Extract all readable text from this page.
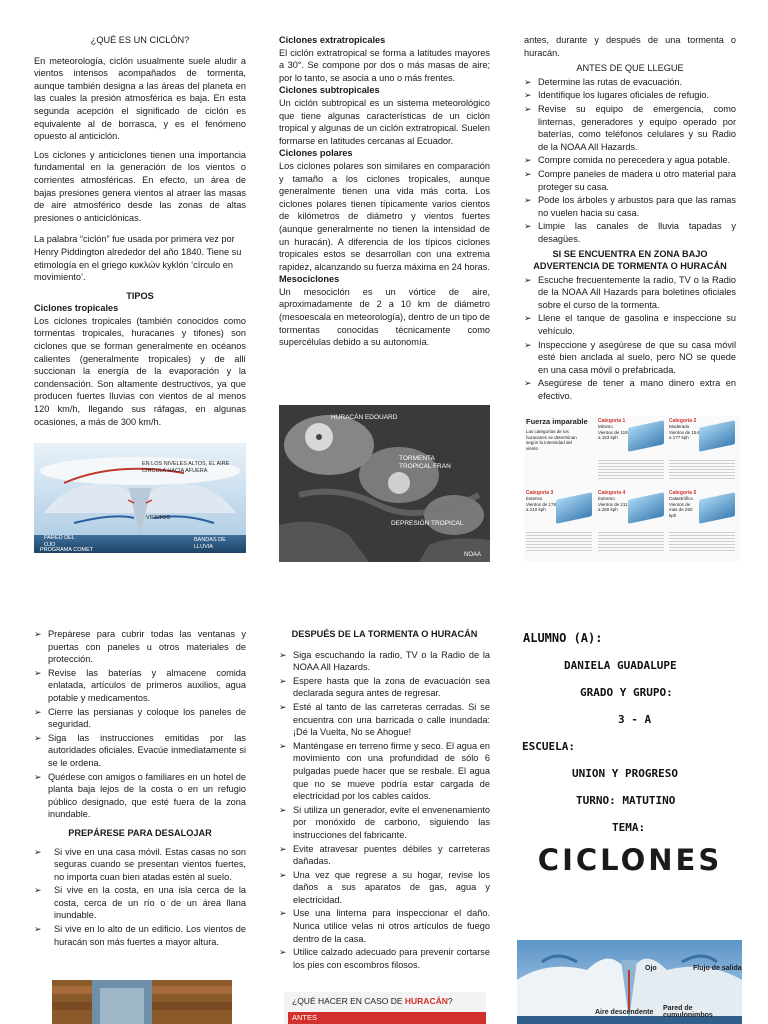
¿QUÉ ES UN CICLÓN?

En meteorología, ciclón usualmente suele aludir a vientos intensos acompañados de tormenta, aunque también designa a las áreas del planeta en las cuales la presión atmosférica es baja. En esta segunda acepción el significado de ciclón es equivalente al de borrasca, y es el fenómeno opuesto al anticiclón.

Los ciclones y anticiclones tienen una importancia fundamental en la generación de los vientos o corrientes atmosféricas. En efecto, un área de bajas presiones genera vientos al atraer las masas de aire atmosférico desde las zonas de altas presiones o anticiclónicas.

La palabra “ciclón” fue usada por primera vez por Henry Piddington alrededor del año 1840. Tiene su etimología en el griego κυκλών kyklón ‘círculo en movimiento’.

TIPOS
Ciclones tropicales

Los ciclones tropicales (también conocidos como tormentas tropicales, huracanes y tifones) son ciclones que se forman generalmente en océanos calientes (generalmente tropicales) y de allí succionan la energía de la evaporación y la condensación. Son altamente destructivos, ya que producen fuertes lluvias con vientos de al menos 120 km/h, llegando sus ráfagas, en algunas ocasiones, a más de 300 km/h.

EN LOS NIVELES ALTOS, EL AIRE CIRCULA HACIA AFUERA
VIENTOS
PARED DEL OJO
BANDAS DE LLUVIA
PROGRAMA COMET
Ciclones extratropicales

El ciclón extratropical se forma a latitudes mayores a 30°. Se compone por dos o más masas de aire; por lo tanto, se asocia a uno o más frentes.

Ciclones subtropicales

Un ciclón subtropical es un sistema meteorológico que tiene algunas características de un ciclón tropical y algunas de un ciclón extratropical. Suelen formarse en latitudes cercanas al Ecuador.

Ciclones polares

Los ciclones polares son similares en comparación y tamaño a los ciclones tropicales, aunque generalmente tienen una vida más corta. Los ciclones polares tienen típicamente varios cientos de kilómetros de diámetro y vientos fuertes (aunque generalmente no tienen la intensidad de un huracán). A diferencia de los típicos ciclones tropicales estos se desarrollan con una extrema rapidez, alcanzando su fuerza máxima en 24 horas.

Mesociclones

Un mesociclón es un vórtice de aire, aproximadamente de 2 a 10 km de diámetro (mesoescala en meteorología), dentro de un tipo de tormentas conocidas técnicamente como supercélulas debido a su autonomía.

HURACÁN EDOUARD
TORMENTA TROPICAL FRAN
DEPRESIÓN TROPICAL
NOAA

antes, durante y después de una tormenta o huracán.

ANTES DE QUE LLEGUE
➢ Determine las rutas de evacuación.
➢ Identifique los lugares oficiales de refugio.
➢ Revise su equipo de emergencia, como linternas, generadores y equipo operado por baterías, como teléfonos celulares y su Radio de la NOAA All Hazards.
➢ Compre comida no perecedera y agua potable.
➢ Compre paneles de madera u otro material para proteger su casa.
➢ Pode los árboles y arbustos para que las ramas no vuelen hacia su casa.
➢ Limpie las canales de lluvia tapadas y desagües.
SI SE ENCUENTRA EN ZONA BAJO ADVERTENCIA DE TORMENTA O HURACÁN
➢ Escuche frecuentemente la radio, TV o la Radio de la NOAA All Hazards para boletines oficiales sobre el curso de la tormenta.
➢ Llene el tanque de gasolina e inspeccione su vehículo.
➢ Inspeccione y asegúrese de que su casa móvil esté bien anclada al suelo, pero NO se quede en una casa móvil o prefabricada.
➢ Asegúrese de tener a mano dinero extra en efectivo.
Fuerza imparable
Las categorías de los huracanes se determinan según la intensidad del viento
Categoría 1
Mínimo
Vientos de 119 a 153 kph
Categoría 2
Moderado
Vientos de 154 a 177 kph
Categoría 3
Extenso
Vientos de 178 a 210 kph
Categoría 4
Extremo
Vientos de 211 a 250 kph
Categoría 5
Catastrófico
Vientos de más de 250 kph
➢ Prepárese para cubrir todas las ventanas y puertas con paneles u otros materiales de protección.
➢ Revise las baterías y almacene comida enlatada, artículos de primeros auxilios, agua potable y medicamentos.
➢ Cierre las persianas y coloque los paneles de seguridad.
➢ Siga las instrucciones emitidas por las autoridades oficiales. Evacúe inmediatamente si se le ordena.
➢ Quédese con amigos o familiares en un hotel de planta baja lejos de la costa o en un refugio público designado, que esté fuera de la zona inundable.
PREPÁRESE PARA DESALOJAR
➢ Si vive en una casa móvil. Estas casas no son seguras cuando se presentan vientos fuertes, no importa cuan bien atadas estén al suelo.
➢ Si vive en la costa, en una isla cerca de la costa, cerca de un río o de un área llana inundable.
➢ Si vive en lo alto de un edificio. Los vientos de huracán son más fuertes a mayor altura.
DESPUÉS DE LA TORMENTA O HURACÁN
➢ Siga escuchando la radio, TV o la Radio de la NOAA All Hazards.
➢ Espere hasta que la zona de evacuación sea declarada segura antes de regresar.
➢ Esté al tanto de las carreteras cerradas. Si se encuentra con una barricada o calle inundada: ¡Dé la Vuelta, No se Ahogue!
➢ Manténgase en terreno firme y seco. El agua en movimiento con una profundidad de sólo 6 pulgadas puede hacer que se resbale. El agua que no se mueve podría estar cargada de electricidad por los cables caídos.
➢ Si utiliza un generador, evite el envenenamiento por monóxido de carbono, siguiendo las instrucciones del fabricante.
➢ Evite atravesar puentes débiles y carreteras dañadas.
➢ Una vez que regrese a su hogar, revise los daños a sus aparatos de gas, agua y electricidad.
➢ Use una linterna para inspeccionar el daño. Nunca utilice velas ni otros artículos de fuego dentro de la casa.
➢ Utilice calzado adecuado para prevenir cortarse los pies con escombros filosos.
¿QUÉ HACER EN CASO DE HURACÁN?
ANTES
ALUMNO (A):
DANIELA GUADALUPE
GRADO Y GRUPO:
3 - A
ESCUELA:
UNION Y PROGRESO
TURNO: MATUTINO
TEMA:
CICLONES
Ojo	Flujo de salida
Aire descendente
Pared de cumulonimbos
